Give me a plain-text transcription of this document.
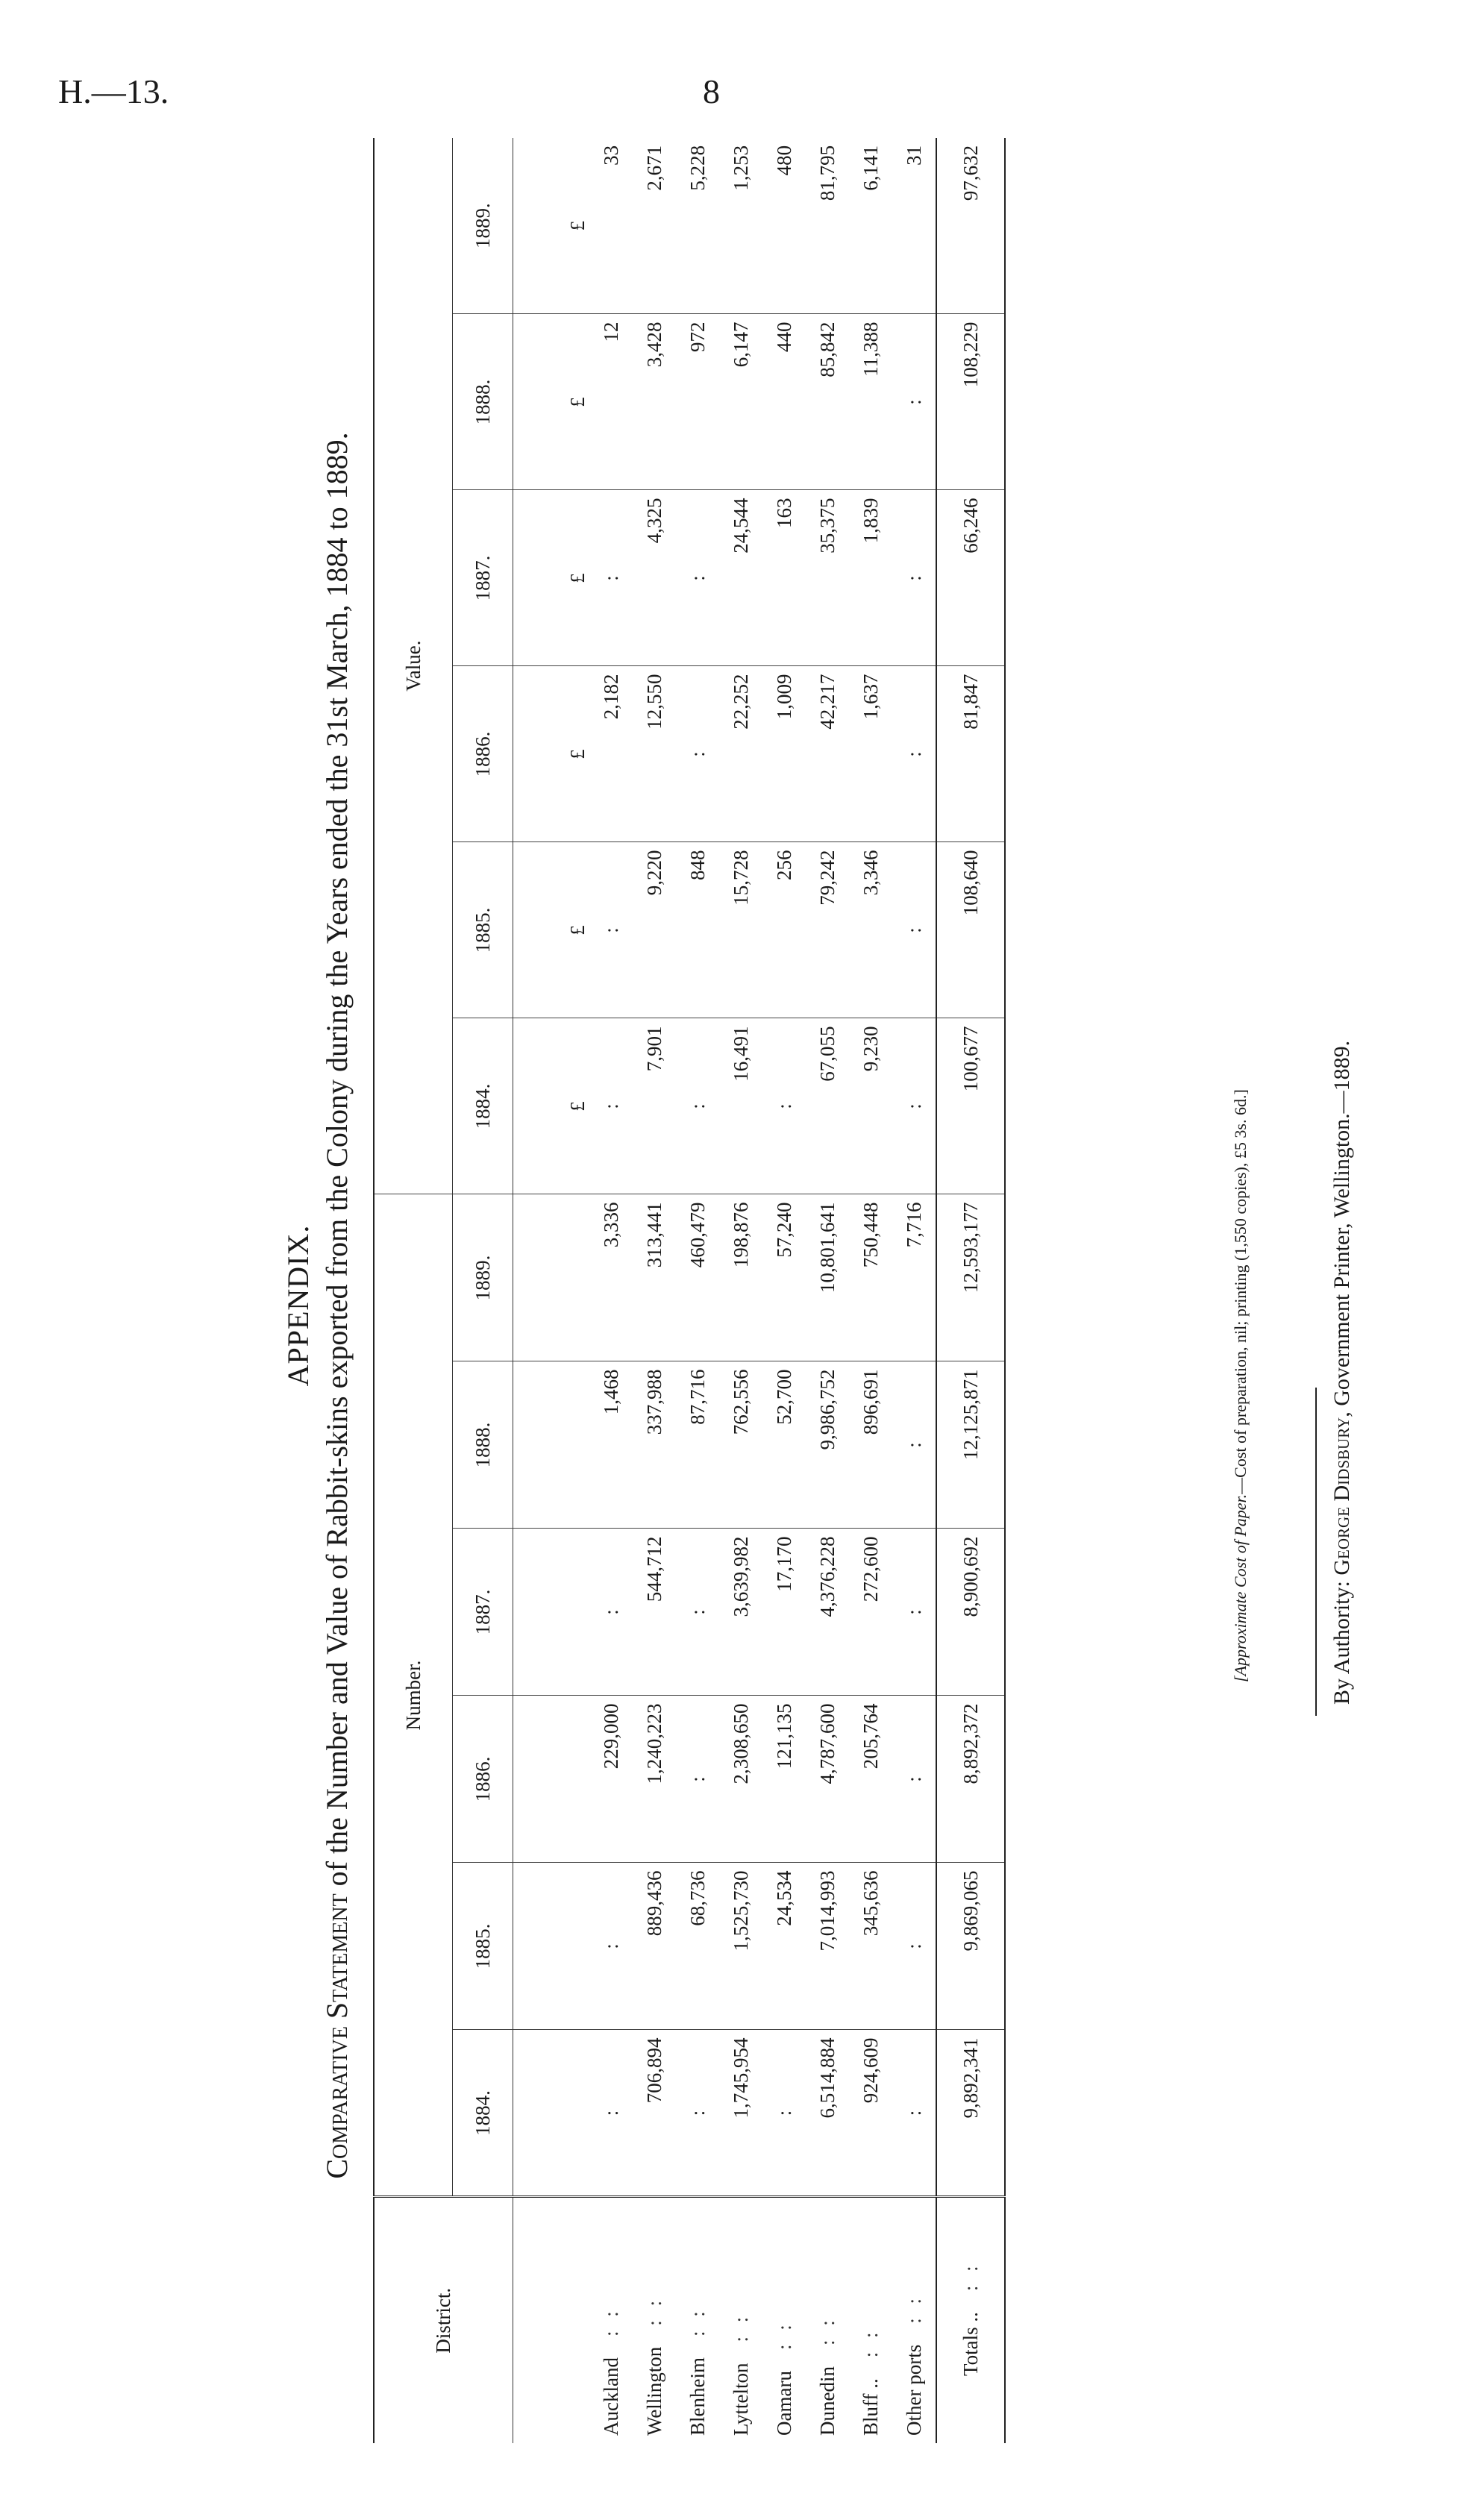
H.—13.	8
APPENDIX.
Comparative Statement of the Number and Value of Rabbit-skins exported from the Colony during the Years ended the 31st March, 1884 to 1889.
District.	Number.						Value.					
	1884.	1885.	1886.	1887.	1888.	1889.	1884.	1885.	1886.	1887.	1888.	1889.
							£	£	£	£	£	£
Auckland: :	:	:	229,000	:	1,468	3,336	:	:	2,182	:	12	33
Wellington: :	706,894	889,436	1,240,223	544,712	337,988	313,441	7,901	9,220	12,550	4,325	3,428	2,671
Blenheim: :	:	68,736	:	:	87,716	460,479	:	848	:	:	972	5,228
Lyttelton: :	1,745,954	1,525,730	2,308,650	3,639,982	762,556	198,876	16,491	15,728	22,252	24,544	6,147	1,253
Oamaru: :	:	24,534	121,135	17,170	52,700	57,240	:	256	1,009	163	440	480
Dunedin: :	6,514,884	7,014,993	4,787,600	4,376,228	9,986,752	10,801,641	67,055	79,242	42,217	35,375	85,842	81,795
Bluff ..: :	924,609	345,636	205,764	272,600	896,691	750,448	9,230	3,346	1,637	1,839	11,388	6,141
Other ports: :	:	:	:	:	:	7,716	:	:	:	:	:	31
Totals ..: :	9,892,341	9,869,065	8,892,372	8,900,692	12,125,871	12,593,177	100,677	108,640	81,847	66,246	108,229	97,632
[Approximate Cost of Paper.—Cost of preparation, nil; printing (1,550 copies), £5 3s. 6d.]
By Authority: George Didsbury, Government Printer, Wellington.—1889.
